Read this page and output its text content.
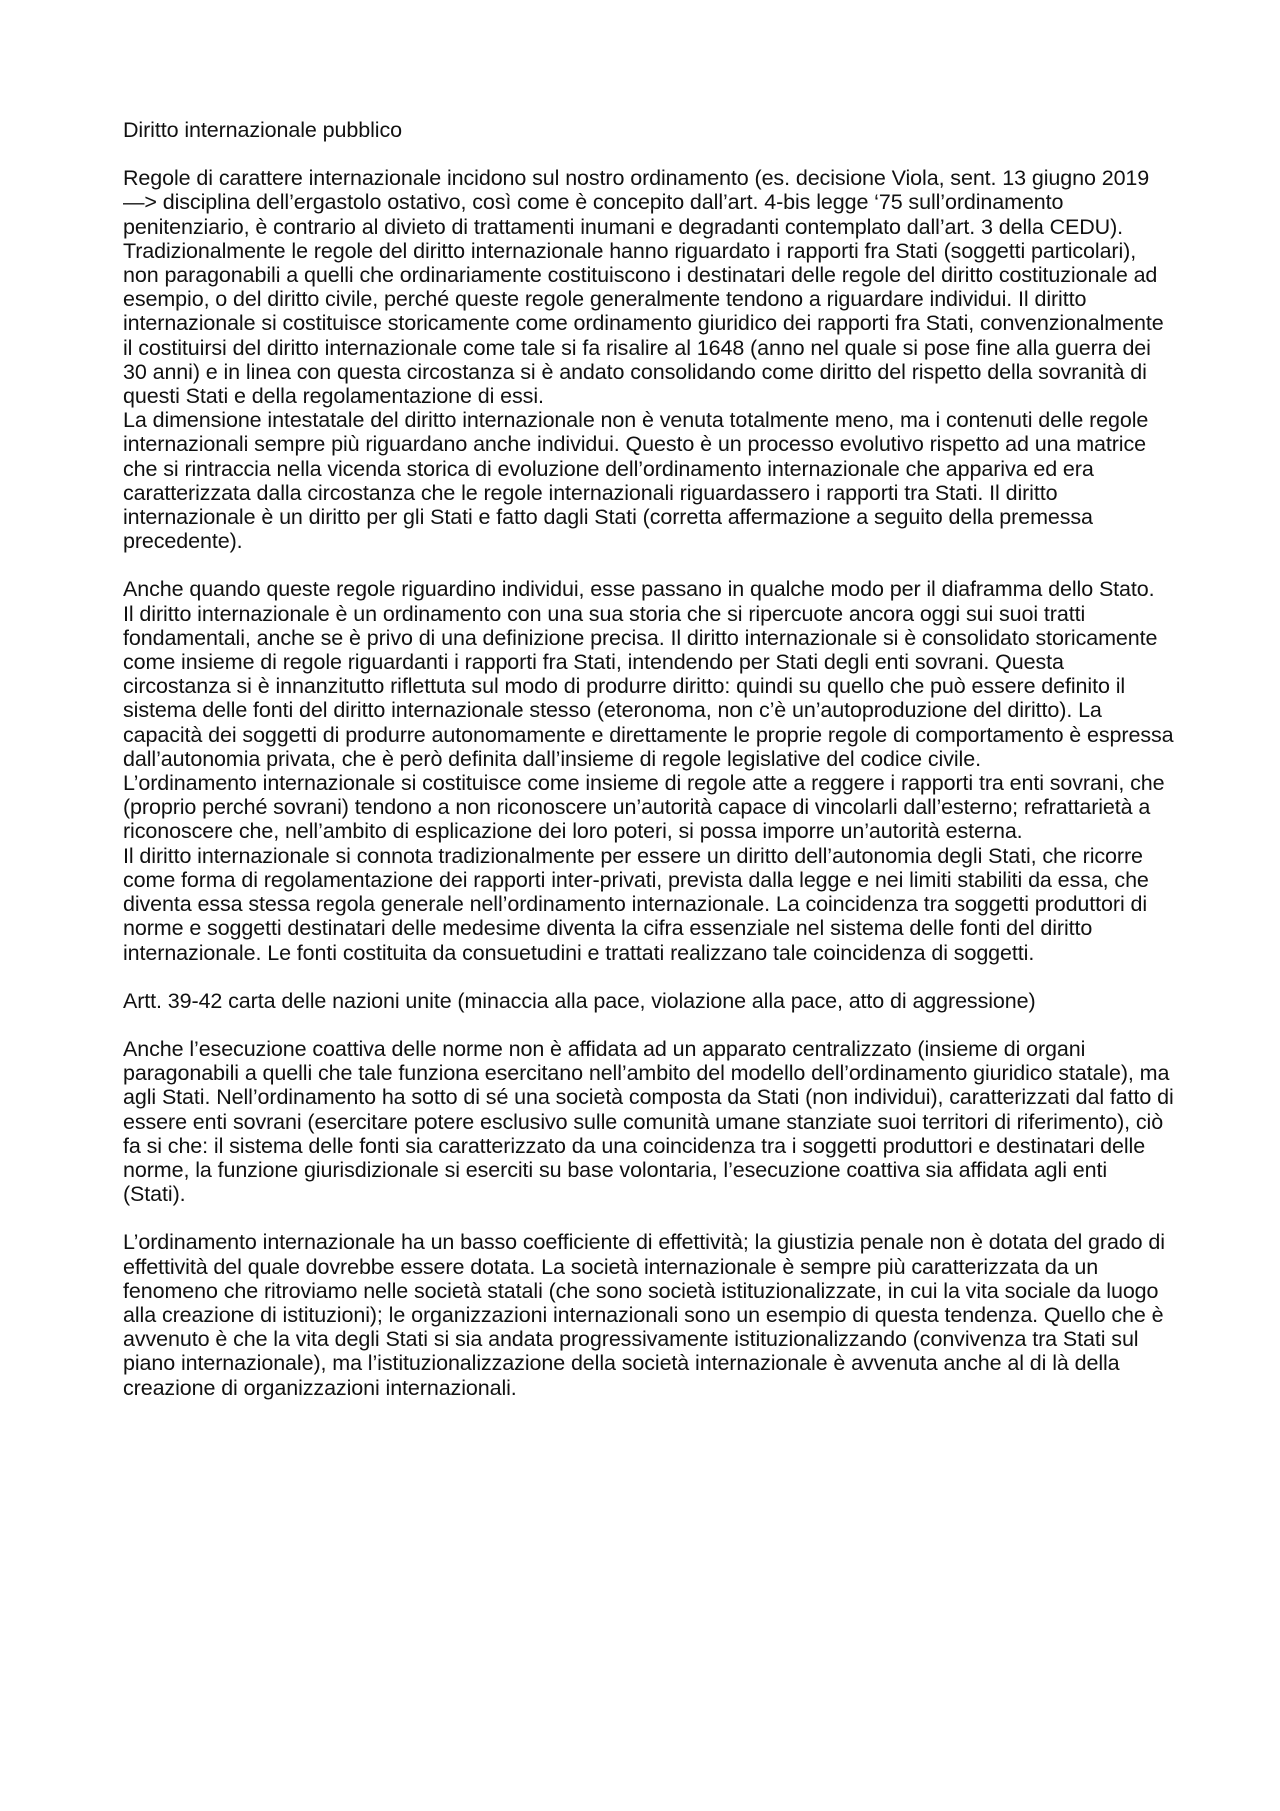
Diritto internazionale pubblico

Regole di carattere internazionale incidono sul nostro ordinamento (es. decisione Viola, sent. 13 giugno 2019 —> disciplina dell’ergastolo ostativo, così come è concepito dall’art. 4-bis legge ‘75 sull’ordinamento penitenziario, è contrario al divieto di trattamenti inumani e degradanti contemplato dall’art. 3 della CEDU).

Tradizionalmente le regole del diritto internazionale hanno riguardato i rapporti fra Stati (soggetti particolari), non paragonabili a quelli che ordinariamente costituiscono i destinatari delle regole del diritto costituzionale ad esempio, o del diritto civile, perché queste regole generalmente tendono a riguardare individui. Il diritto internazionale si costituisce storicamente come ordinamento giuridico dei rapporti fra Stati, convenzionalmente il costituirsi del diritto internazionale come tale si fa risalire al 1648 (anno nel quale si pose fine alla guerra dei 30 anni) e in linea con questa circostanza si è andato consolidando come diritto del rispetto della sovranità di questi Stati e della regolamentazione di essi.

La dimensione intestatale del diritto internazionale non è venuta totalmente meno, ma i contenuti delle regole internazionali sempre più riguardano anche individui. Questo è un processo evolutivo rispetto ad una matrice che si rintraccia nella vicenda storica di evoluzione dell’ordinamento internazionale che appariva ed era caratterizzata dalla circostanza che le regole internazionali riguardassero i rapporti tra Stati. Il diritto internazionale è un diritto per gli Stati e fatto dagli Stati (corretta affermazione a seguito della premessa precedente).

Anche quando queste regole riguardino individui, esse passano in qualche modo per il diaframma dello Stato.

Il diritto internazionale è un ordinamento con una sua storia che si ripercuote ancora oggi sui suoi tratti fondamentali, anche se è privo di una definizione precisa. Il diritto internazionale si è consolidato storicamente come insieme di regole riguardanti i rapporti fra Stati, intendendo per Stati degli enti sovrani. Questa circostanza si è innanzitutto riflettuta sul modo di produrre diritto: quindi su quello che può essere definito il sistema delle fonti del diritto internazionale stesso (eteronoma, non c’è un’autoproduzione del diritto). La capacità dei soggetti di produrre autonomamente e direttamente le proprie regole di comportamento è espressa dall’autonomia privata, che è però definita dall’insieme di regole legislative del codice civile.

L’ordinamento internazionale si costituisce come insieme di regole atte a reggere i rapporti tra enti sovrani, che (proprio perché sovrani) tendono a non riconoscere un’autorità capace di vincolarli dall’esterno; refrattarietà a riconoscere che, nell’ambito di esplicazione dei loro poteri, si possa imporre un’autorità esterna.

Il diritto internazionale si connota tradizionalmente per essere un diritto dell’autonomia degli Stati, che ricorre come forma di regolamentazione dei rapporti inter-privati, prevista dalla legge e nei limiti stabiliti da essa, che diventa essa stessa regola generale nell’ordinamento internazionale. La coincidenza tra soggetti produttori di norme e soggetti destinatari delle medesime diventa la cifra essenziale nel sistema delle fonti del diritto internazionale. Le fonti costituita da consuetudini e trattati realizzano tale coincidenza di soggetti.

Artt. 39-42 carta delle nazioni unite (minaccia alla pace, violazione alla pace, atto di aggressione)

Anche l’esecuzione coattiva delle norme non è affidata ad un apparato centralizzato (insieme di organi paragonabili a quelli che tale funziona esercitano nell’ambito del modello dell’ordinamento giuridico statale), ma agli Stati. Nell’ordinamento ha sotto di sé una società composta da Stati (non individui), caratterizzati dal fatto di essere enti sovrani (esercitare potere esclusivo sulle comunità umane stanziate suoi territori di riferimento), ciò fa si che: il sistema delle fonti sia caratterizzato da una coincidenza tra i soggetti produttori e destinatari delle norme, la funzione giurisdizionale si eserciti su base volontaria, l’esecuzione coattiva sia affidata agli enti (Stati).

L’ordinamento internazionale ha un basso coefficiente di effettività; la giustizia penale non è dotata del grado di effettività del quale dovrebbe essere dotata. La società internazionale è sempre più caratterizzata da un fenomeno che ritroviamo nelle società statali (che sono società istituzionalizzate, in cui la vita sociale da luogo alla creazione di istituzioni); le organizzazioni internazionali sono un esempio di questa tendenza. Quello che è avvenuto è che la vita degli Stati si sia andata progressivamente istituzionalizzando (convivenza tra Stati sul piano internazionale), ma l’istituzionalizzazione della società internazionale è avvenuta anche al di là della creazione di organizzazioni internazionali.
